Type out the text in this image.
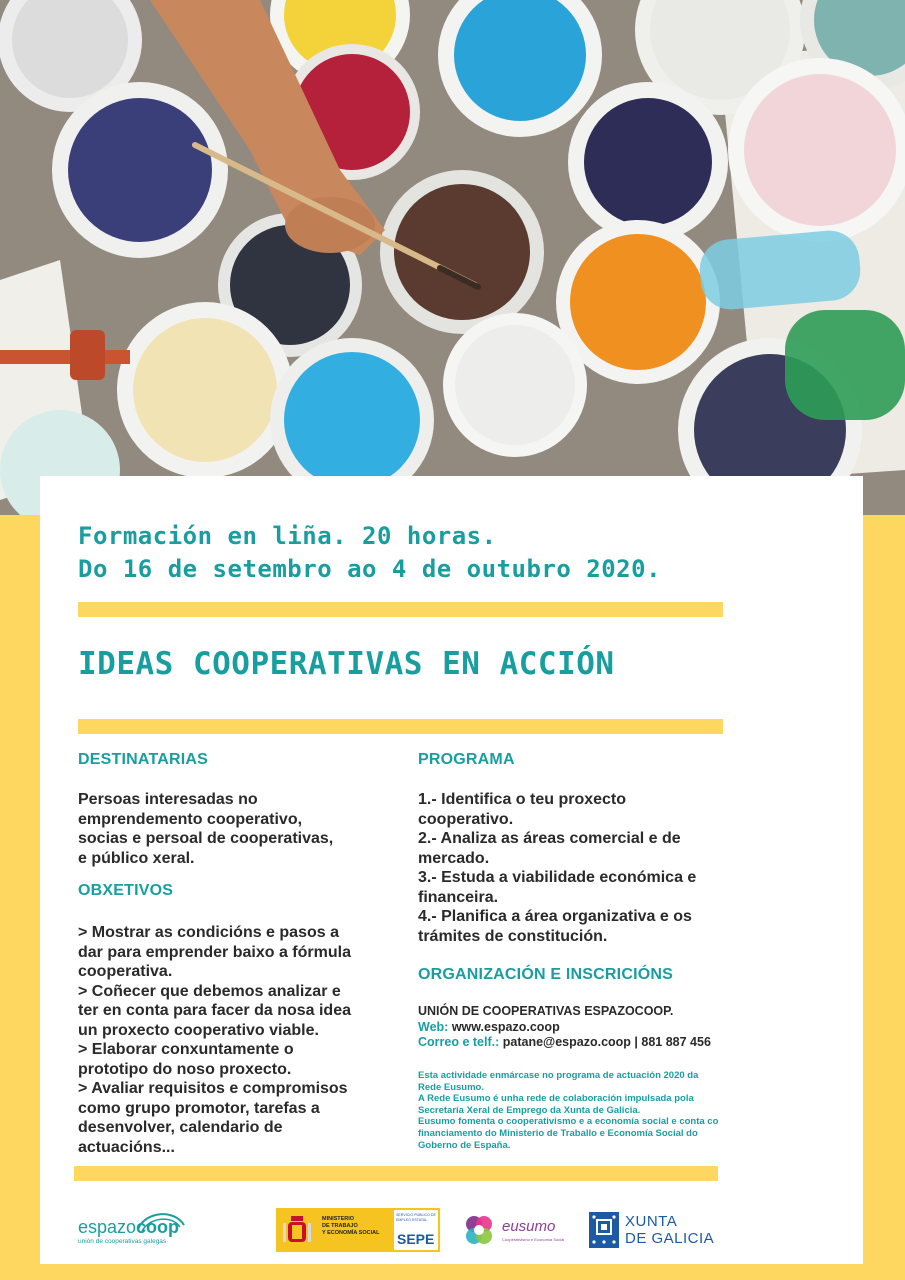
Formación en liña. 20 horas.
Do 16 de setembro ao 4 de outubro 2020.
IDEAS COOPERATIVAS EN ACCIÓN
DESTINATARIAS
Persoas interesadas no
emprendemento cooperativo,
socias e persoal de cooperativas,
e público xeral.
OBXETIVOS
> Mostrar as condicións e pasos a
dar para emprender baixo a fórmula
cooperativa.
> Coñecer que debemos analizar e
ter en conta para facer da nosa idea
un proxecto cooperativo viable.
> Elaborar conxuntamente o
prototipo do noso proxecto.
> Avaliar requisitos e compromisos
como grupo promotor, tarefas a
desenvolver, calendario de
actuacións...
PROGRAMA
1.- Identifica o teu proxecto
cooperativo.
2.- Analiza as áreas comercial e de
mercado.
3.- Estuda a viabilidade económica e
financeira.
4.- Planifica a área organizativa e os
trámites de constitución.
ORGANIZACIÓN E INSCRICIÓNS
UNIÓN DE COOPERATIVAS ESPAZOCOOP.
Web: www.espazo.coop
Correo e telf.: patane@espazo.coop | 881 887 456
Esta actividade enmárcase no programa de actuación 2020 da
Rede Eusumo.
A Rede Eusumo é unha rede de colaboración impulsada pola
Secretaría Xeral de Emprego da Xunta de Galicia.
Eusumo fomenta o cooperativismo e a economía social e conta co
financiamento do Ministerio de Traballo e Economía Social do
Goberno de España.
espazocoop
unión de cooperativas galegas
MINISTERIO
DE TRABAJO
Y ECONOMÍA SOCIAL
SERVICIO PÚBLICO DE EMPLEO ESTATAL
SEPE
eusumo
Cooperativismo e Economía Social
XUNTA
DE GALICIA
